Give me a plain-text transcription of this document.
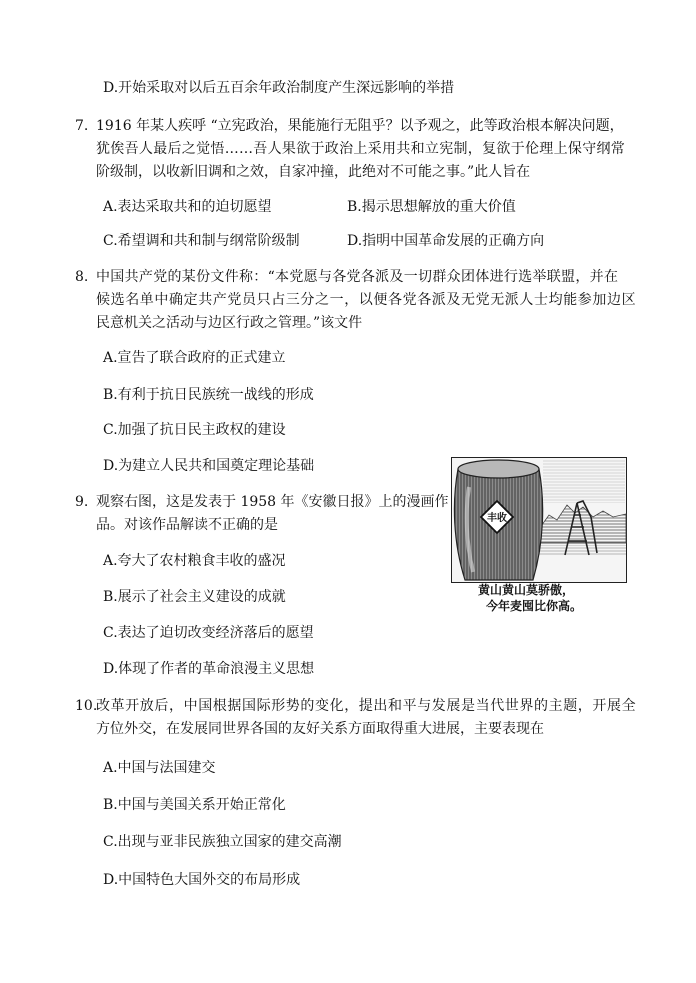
D.开始采取对以后五百余年政治制度产生深远影响的举措
7. 1916 年某人疾呼 “立宪政治，果能施行无阻乎？以予观之，此等政治根本解决问题，
犹俟吾人最后之觉悟……吾人果欲于政治上采用共和立宪制，复欲于伦理上保守纲常
阶级制，以收新旧调和之效，自家冲撞，此绝对不可能之事。”此人旨在
A.表达采取共和的迫切愿望	B.揭示思想解放的重大价值
C.希望调和共和制与纲常阶级制	D.指明中国革命发展的正确方向
8. 中国共产党的某份文件称：“本党愿与各党各派及一切群众团体进行选举联盟，并在
候选名单中确定共产党员只占三分之一，以便各党各派及无党无派人士均能参加边区
民意机关之活动与边区行政之管理。”该文件
A.宣告了联合政府的正式建立
B.有利于抗日民族统一战线的形成
C.加强了抗日民主政权的建设
D.为建立人民共和国奠定理论基础
9. 观察右图，这是发表于 1958 年《安徽日报》上的漫画作
品。对该作品解读不正确的是
A.夸大了农村粮食丰收的盛况
B.展示了社会主义建设的成就
C.表达了迫切改变经济落后的愿望
D.体现了作者的革命浪漫主义思想
丰收
黄山黄山莫骄傲，
今年麦囤比你高。
10.
改革开放后，中国根据国际形势的变化，提出和平与发展是当代世界的主题，开展全
方位外交，在发展同世界各国的友好关系方面取得重大进展，主要表现在
A.中国与法国建交
B.中国与美国关系开始正常化
C.出现与亚非民族独立国家的建交高潮
D.中国特色大国外交的布局形成
